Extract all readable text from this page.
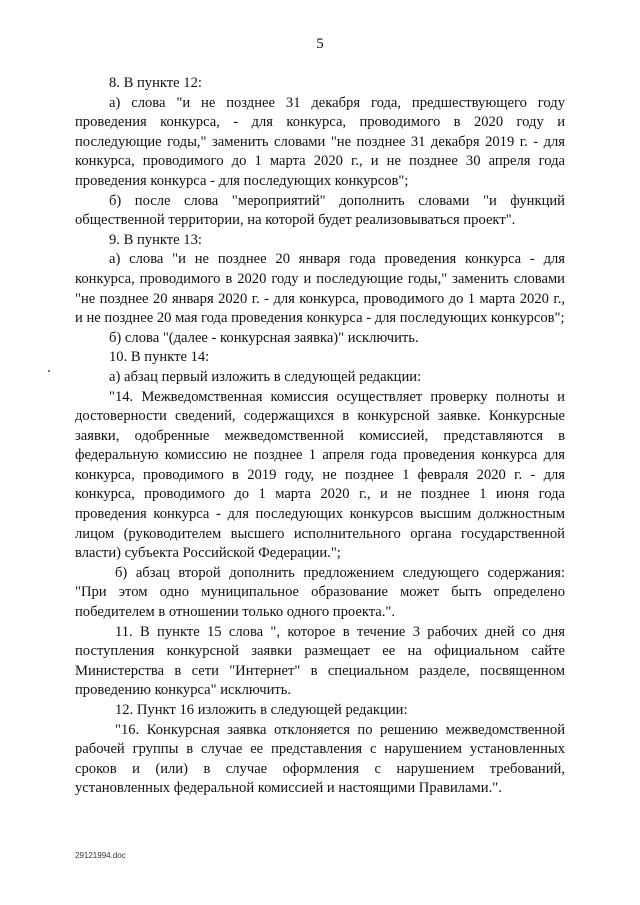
5

8. В пункте 12:

а) слова "и не позднее 31 декабря года, предшествующего году проведения конкурса, - для конкурса, проводимого в 2020 году и последующие годы," заменить словами "не позднее 31 декабря 2019 г. - для конкурса, проводимого до 1 марта 2020 г., и не позднее 30 апреля года проведения конкурса - для последующих конкурсов";

б) после слова "мероприятий" дополнить словами "и функций общественной территории, на которой будет реализовываться проект".

9. В пункте 13:

а) слова "и не позднее 20 января года проведения конкурса - для конкурса, проводимого в 2020 году и последующие годы," заменить словами "не позднее 20 января 2020 г. - для конкурса, проводимого до 1 марта 2020 г., и не позднее 20 мая года проведения конкурса - для последующих конкурсов";

б) слова "(далее - конкурсная заявка)" исключить.

10. В пункте 14:

а) абзац первый изложить в следующей редакции:

"14. Межведомственная комиссия осуществляет проверку полноты и достоверности сведений, содержащихся в конкурсной заявке. Конкурсные заявки, одобренные межведомственной комиссией, представляются в федеральную комиссию не позднее 1 апреля года проведения конкурса для конкурса, проводимого в 2019 году, не позднее 1 февраля 2020 г. - для конкурса, проводимого до 1 марта 2020 г., и не позднее 1 июня года проведения конкурса - для последующих конкурсов высшим должностным лицом (руководителем высшего исполнительного органа государственной власти) субъекта Российской Федерации.";

б) абзац второй дополнить предложением следующего содержания: "При этом одно муниципальное образование может быть определено победителем в отношении только одного проекта.".

11. В пункте 15 слова ", которое в течение 3 рабочих дней со дня поступления конкурсной заявки размещает ее на официальном сайте Министерства в сети "Интернет" в специальном разделе, посвященном проведению конкурса" исключить.

12. Пункт 16 изложить в следующей редакции:

"16. Конкурсная заявка отклоняется по решению межведомственной рабочей группы в случае ее представления с нарушением установленных сроков и (или) в случае оформления с нарушением требований, установленных федеральной комиссией и настоящими Правилами.".

29121994.doc
